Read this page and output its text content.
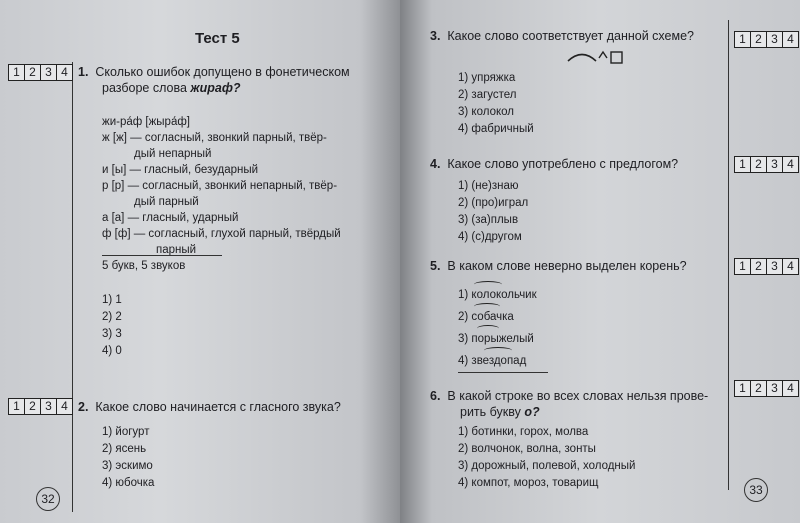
Тест 5
1 2 3 4 1. Сколько ошибок допущено в фонетическом
разборе слова жираф?
жи-ра́ф [жыра́ф]
ж [ж] — согласный, звонкий парный, твёр-
дый непарный
и [ы] — гласный, безударный
р [р] — согласный, звонкий непарный, твёр-
дый парный
а [а] — гласный, ударный
ф [ф] — согласный, глухой парный, твёрдый
парный
5 букв, 5 звуков
1) 1
2) 2
3) 3
4) 0
1 2 3 4 2. Какое слово начинается с гласного звука?
1) йогурт
2) ясень
3) эскимо
4) юбочка
32
3. Какое слово соответствует данной схеме?	1 2 3 4
1) упряжка
2) загустел
3) колокол
4) фабричный
4. Какое слово употреблено с предлогом?	1 2 3 4
1) (не)знаю
2) (про)играл
3) (за)плыв
4) (с)другом
5. В каком слове неверно выделен корень?	1 2 3 4
1) колокольчик
2) собачка
3) порыжелый
4) звездопад
6. В какой строке во всех словах нельзя прове-
рить букву о?
1 2 3 4
1) ботинки, горох, молва
2) волчонок, волна, зонты
3) дорожный, полевой, холодный
4) компот, мороз, товарищ	33
